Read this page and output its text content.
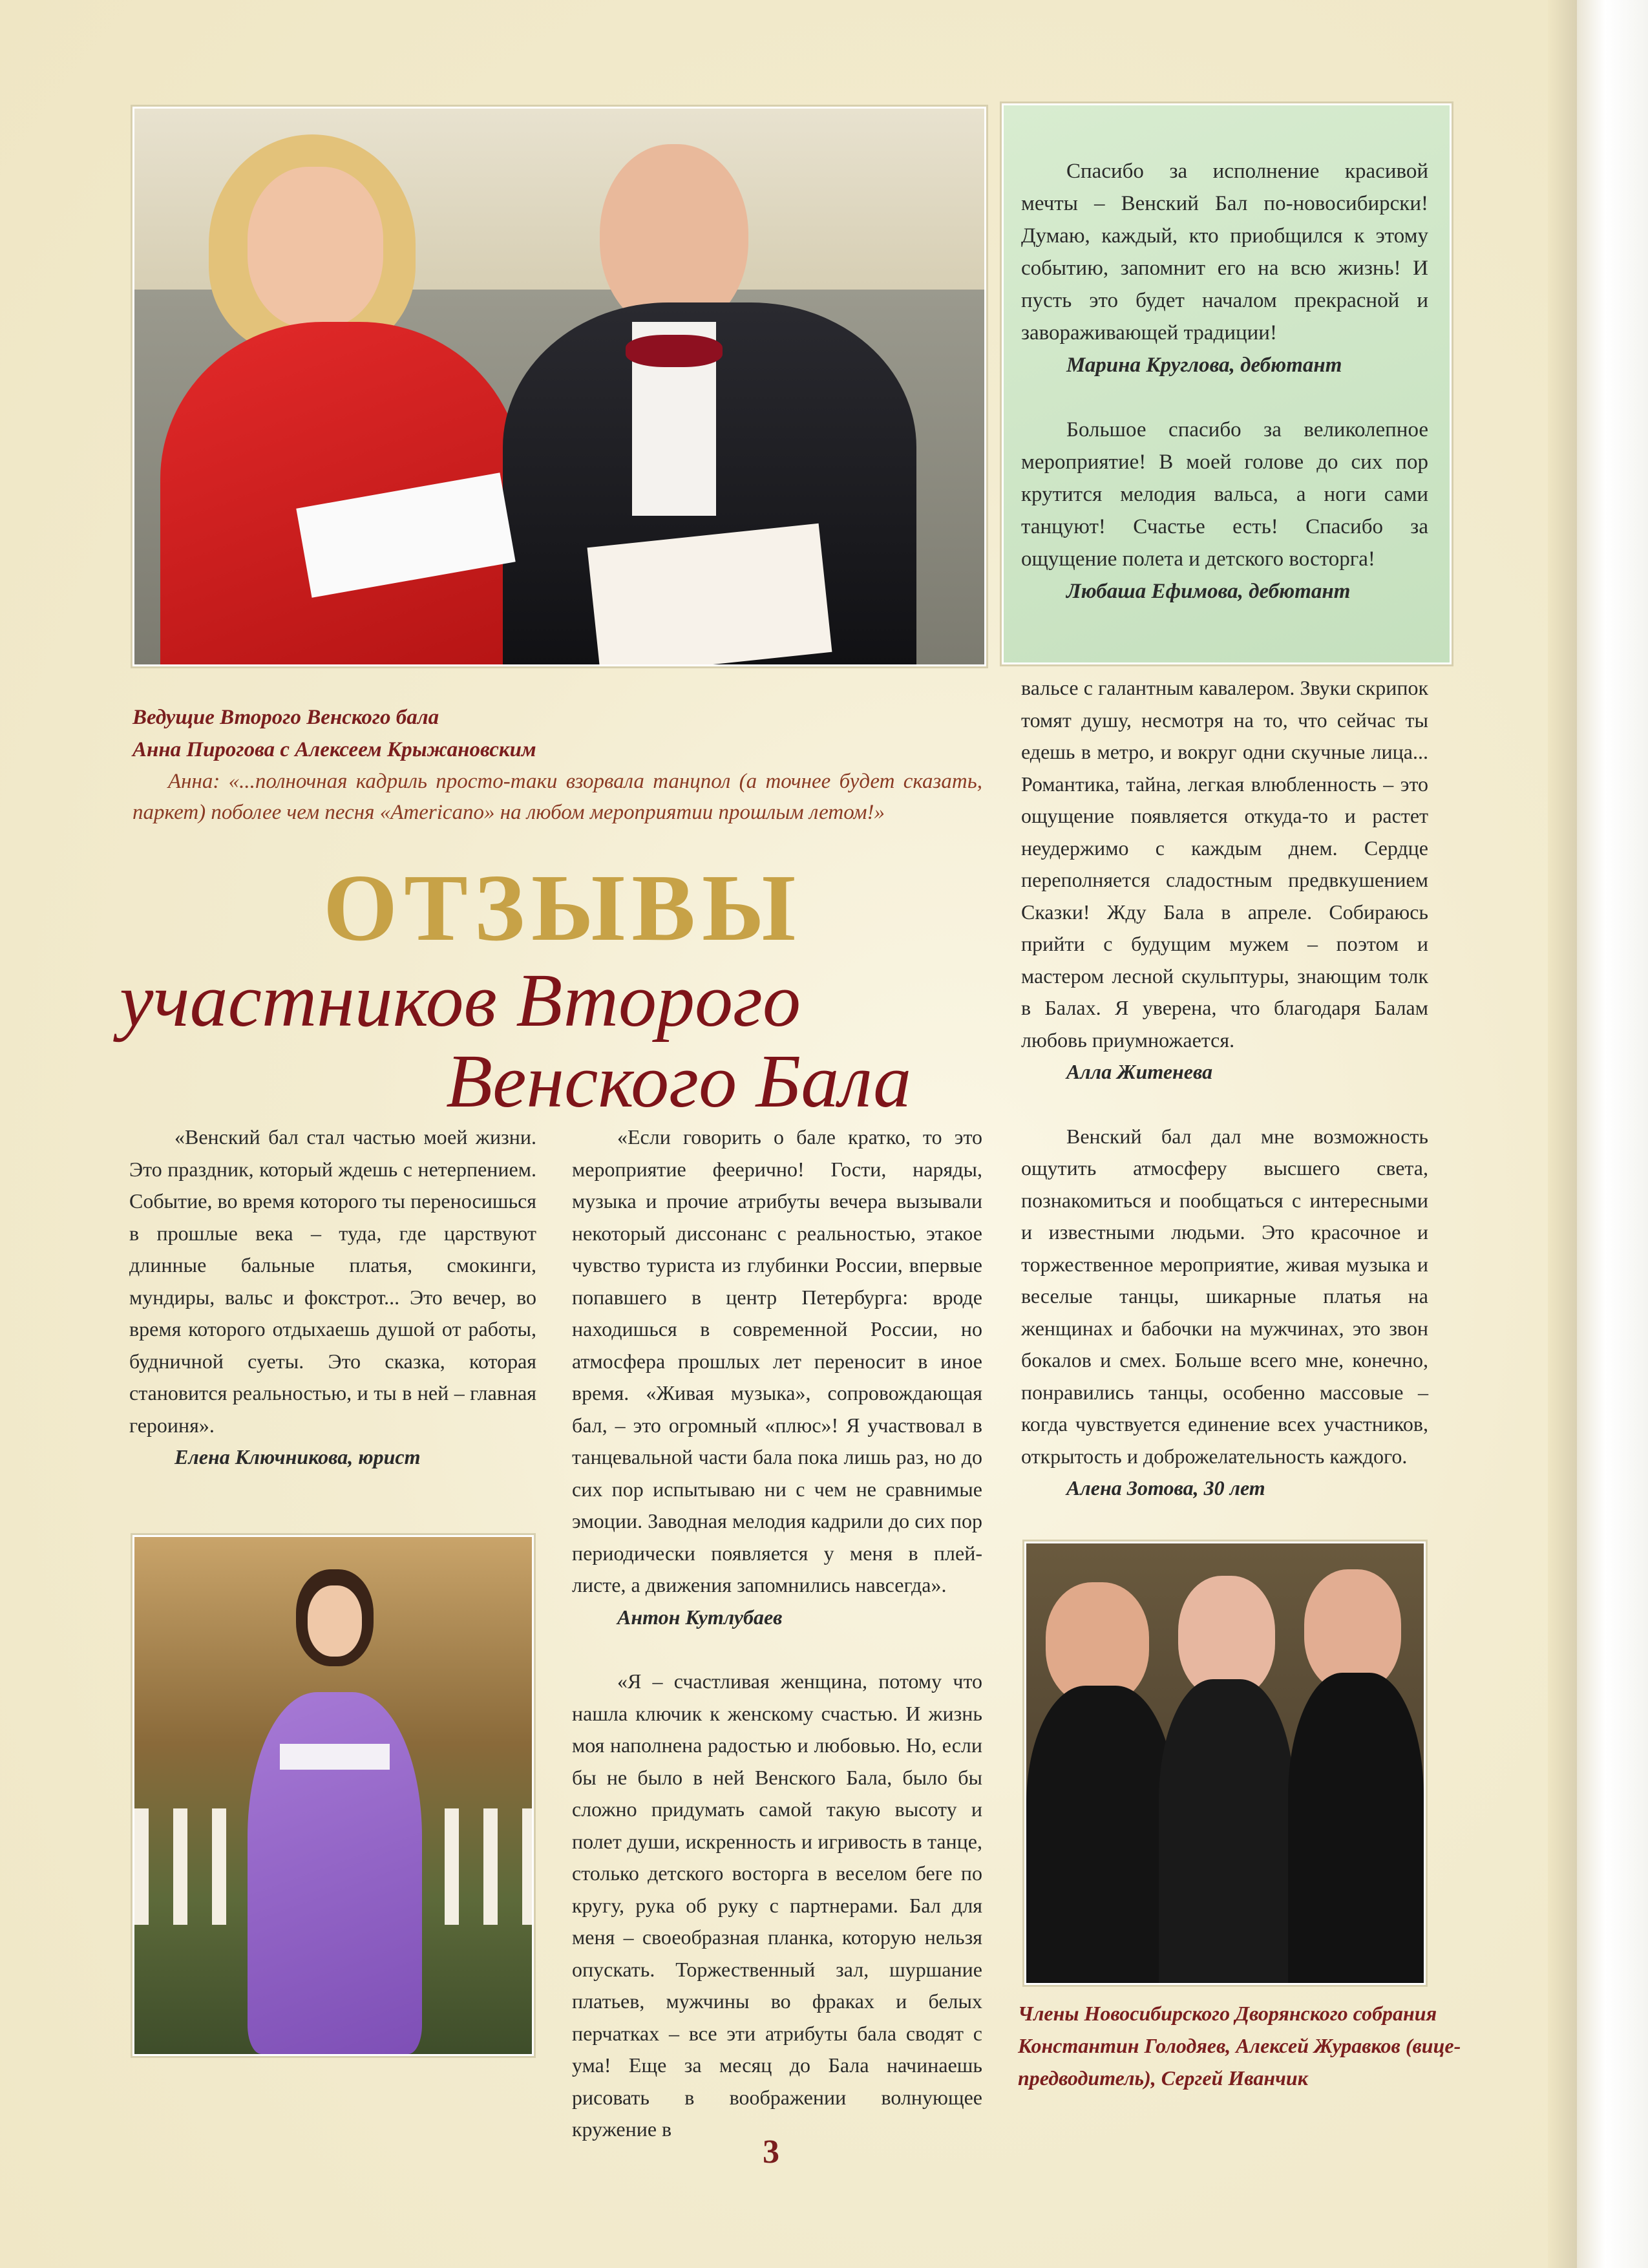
Ведущие Второго Венского бала
Анна Пирогова с Алексеем Крыжановским
Анна: «...полночная кадриль просто-таки взорвала танцпол (а точнее будет сказать, паркет) поболее чем песня «Americano» на любом мероприятии прошлым летом!»

Спасибо за исполнение красивой мечты – Венский Бал по-новосибирски! Думаю, каждый, кто приобщился к этому событию, запомнит его на всю жизнь! И пусть это будет началом прекрасной и завораживающей традиции!

Марина Круглова, дебютант

Большое спасибо за великолепное мероприятие! В моей голове до сих пор крутится мелодия вальса, а ноги сами танцуют! Счастье есть! Спасибо за ощущение полета и детского восторга!

Любаша Ефимова, дебютант
вальсе с галантным кавалером. Звуки скрипок томят душу, несмотря на то, что сейчас ты едешь в метро, и вокруг одни скучные лица... Романтика, тайна, легкая влюбленность – это ощущение появляется откуда-то и растет неудержимо с каждым днем. Сердце переполняется сладостным предвкушением Сказки! Жду Бала в апреле. Собираюсь прийти с будущим мужем – поэтом и мастером лесной скульптуры, знающим толк в Балах. Я уверена, что благодаря Балам любовь приумножается.
Алла Житенева

Венский бал дал мне возможность ощутить атмосферу высшего света, познакомиться и пообщаться с интересными и известными людьми. Это красочное и торжественное мероприятие, живая музыка и веселые танцы, шикарные платья на женщинах и бабочки на мужчинах, это звон бокалов и смех. Больше всего мне, конечно, понравились танцы, особенно массовые – когда чувствуется единение всех участников, открытость и доброжелательность каждого.

Алена Зотова, 30 лет
ОТЗЫВЫ
участников Второго
Венского Бала

«Венский бал стал частью моей жизни. Это праздник, который ждешь с нетерпением. Событие, во время которого ты переносишься в прошлые века – туда, где царствуют длинные бальные платья, смокинги, мундиры, вальс и фокстрот... Это вечер, во время которого отдыхаешь душой от работы, будничной суеты. Это сказка, которая становится реальностью, и ты в ней – главная героиня».

Елена Ключникова, юрист

«Если говорить о бале кратко, то это мероприятие феерично! Гости, наряды, музыка и прочие атрибуты вечера вызывали некоторый диссонанс с реальностью, этакое чувство туриста из глубинки России, впервые попавшего в центр Петербурга: вроде находишься в современной России, но атмосфера прошлых лет переносит в иное время. «Живая музыка», сопровождающая бал, – это огромный «плюс»! Я участвовал в танцевальной части бала пока лишь раз, но до сих пор испытываю ни с чем не сравнимые эмоции. Заводная мелодия кадрили до сих пор периодически появляется у меня в плей-листе, а движения запомнились навсегда».

Антон Кутлубаев

«Я – счастливая женщина, потому что нашла ключик к женскому счастью. И жизнь моя наполнена радостью и любовью. Но, если бы не было в ней Венского Бала, было бы сложно придумать самой такую высоту и полет души, искренность и игривость в танце, столько детского восторга в веселом беге по кругу, рука об руку с партнерами. Бал для меня – своеобразная планка, которую нельзя опускать. Торжественный зал, шуршание платьев, мужчины во фраках и белых перчатках – все эти атрибуты бала сводят с ума! Еще за месяц до Бала начинаешь рисовать в воображении волнующее кружение в

Члены Новосибирского Дворянского собрания Константин Голодяев, Алексей Журавков (вице-предводитель), Сергей Иванчик
3
